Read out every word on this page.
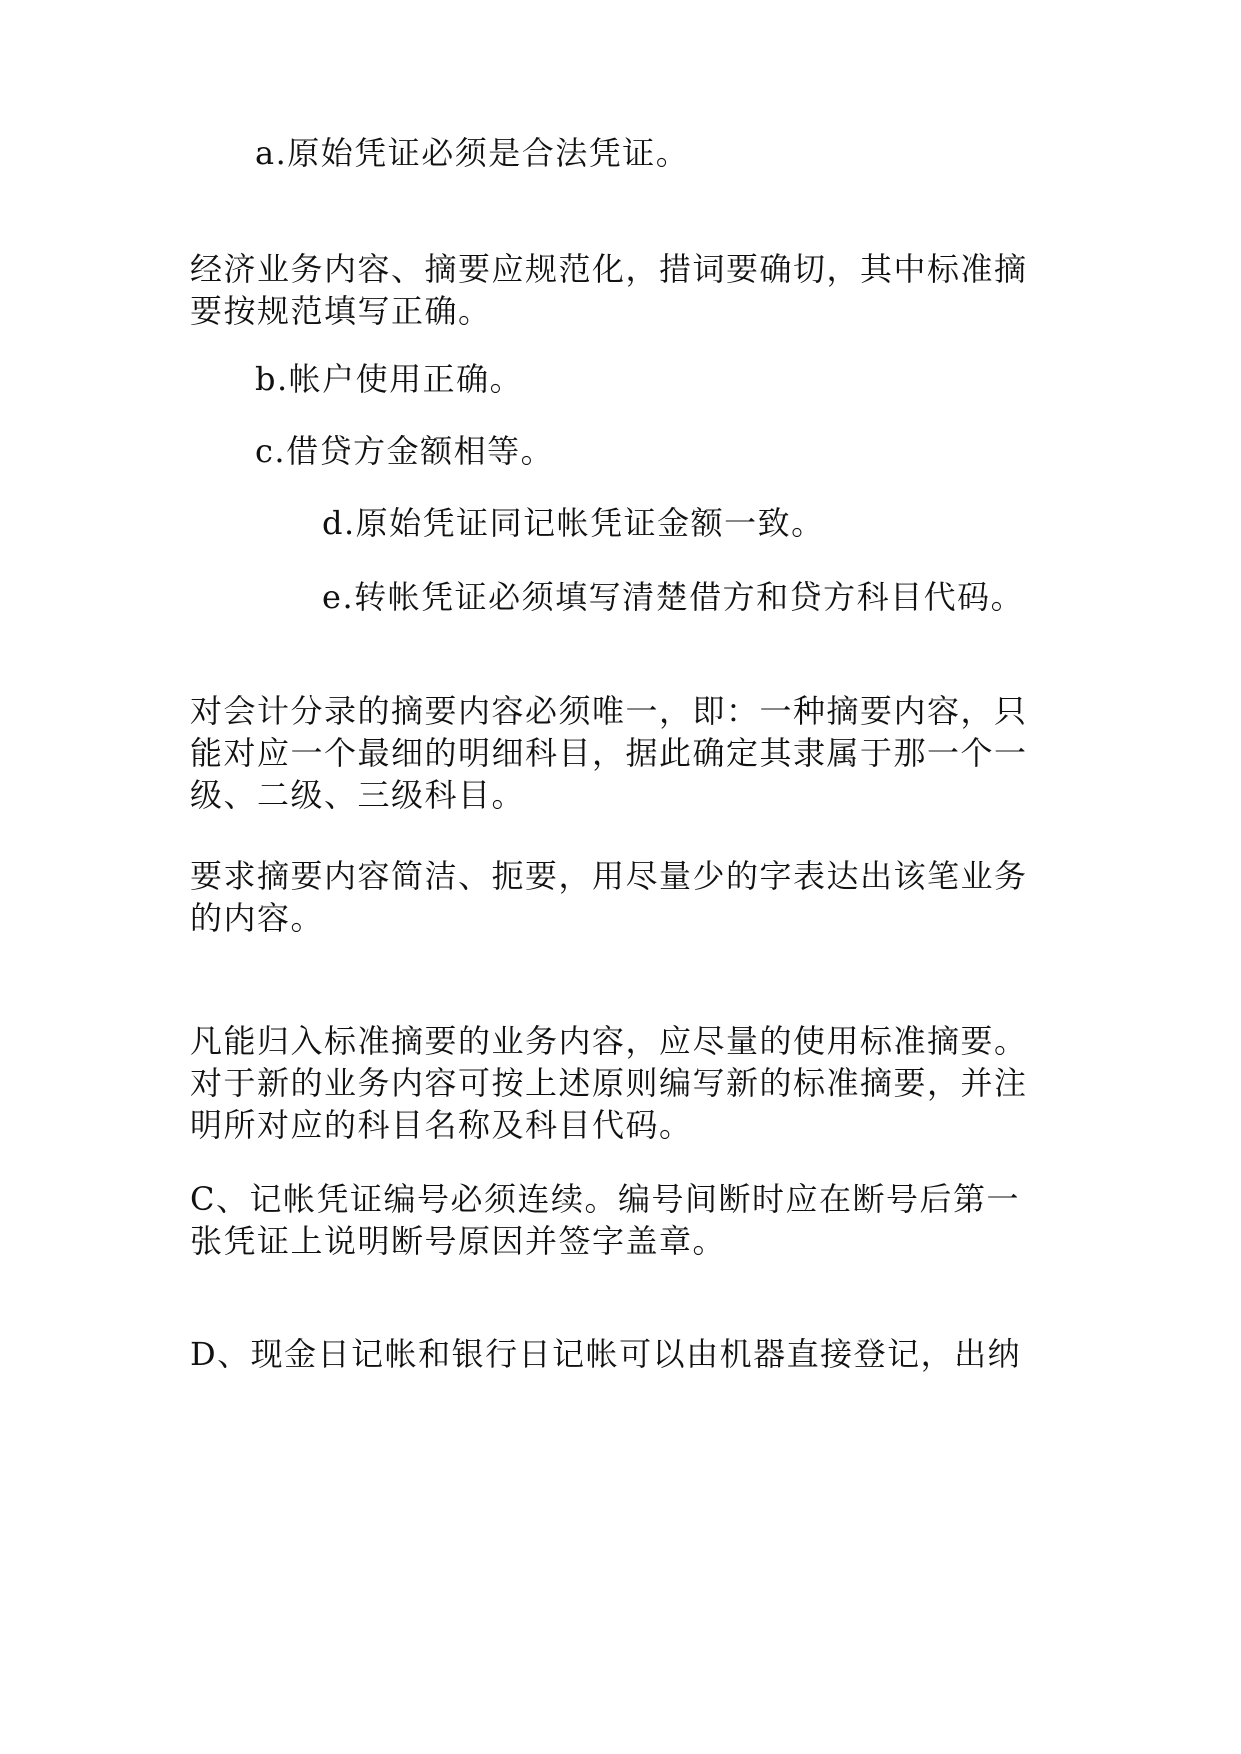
a.原始凭证必须是合法凭证。

经济业务内容、摘要应规范化，措词要确切，其中标准摘要按规范填写正确。

b.帐户使用正确。

c.借贷方金额相等。

d.原始凭证同记帐凭证金额一致。

e.转帐凭证必须填写清楚借方和贷方科目代码。

对会计分录的摘要内容必须唯一，即：一种摘要内容，只能对应一个最细的明细科目，据此确定其隶属于那一个一级、二级、三级科目。

要求摘要内容简洁、扼要，用尽量少的字表达出该笔业务的内容。

凡能归入标准摘要的业务内容，应尽量的使用标准摘要。对于新的业务内容可按上述原则编写新的标准摘要，并注明所对应的科目名称及科目代码。

C、记帐凭证编号必须连续。编号间断时应在断号后第一张凭证上说明断号原因并签字盖章。

D、现金日记帐和银行日记帐可以由机器直接登记，出纳
